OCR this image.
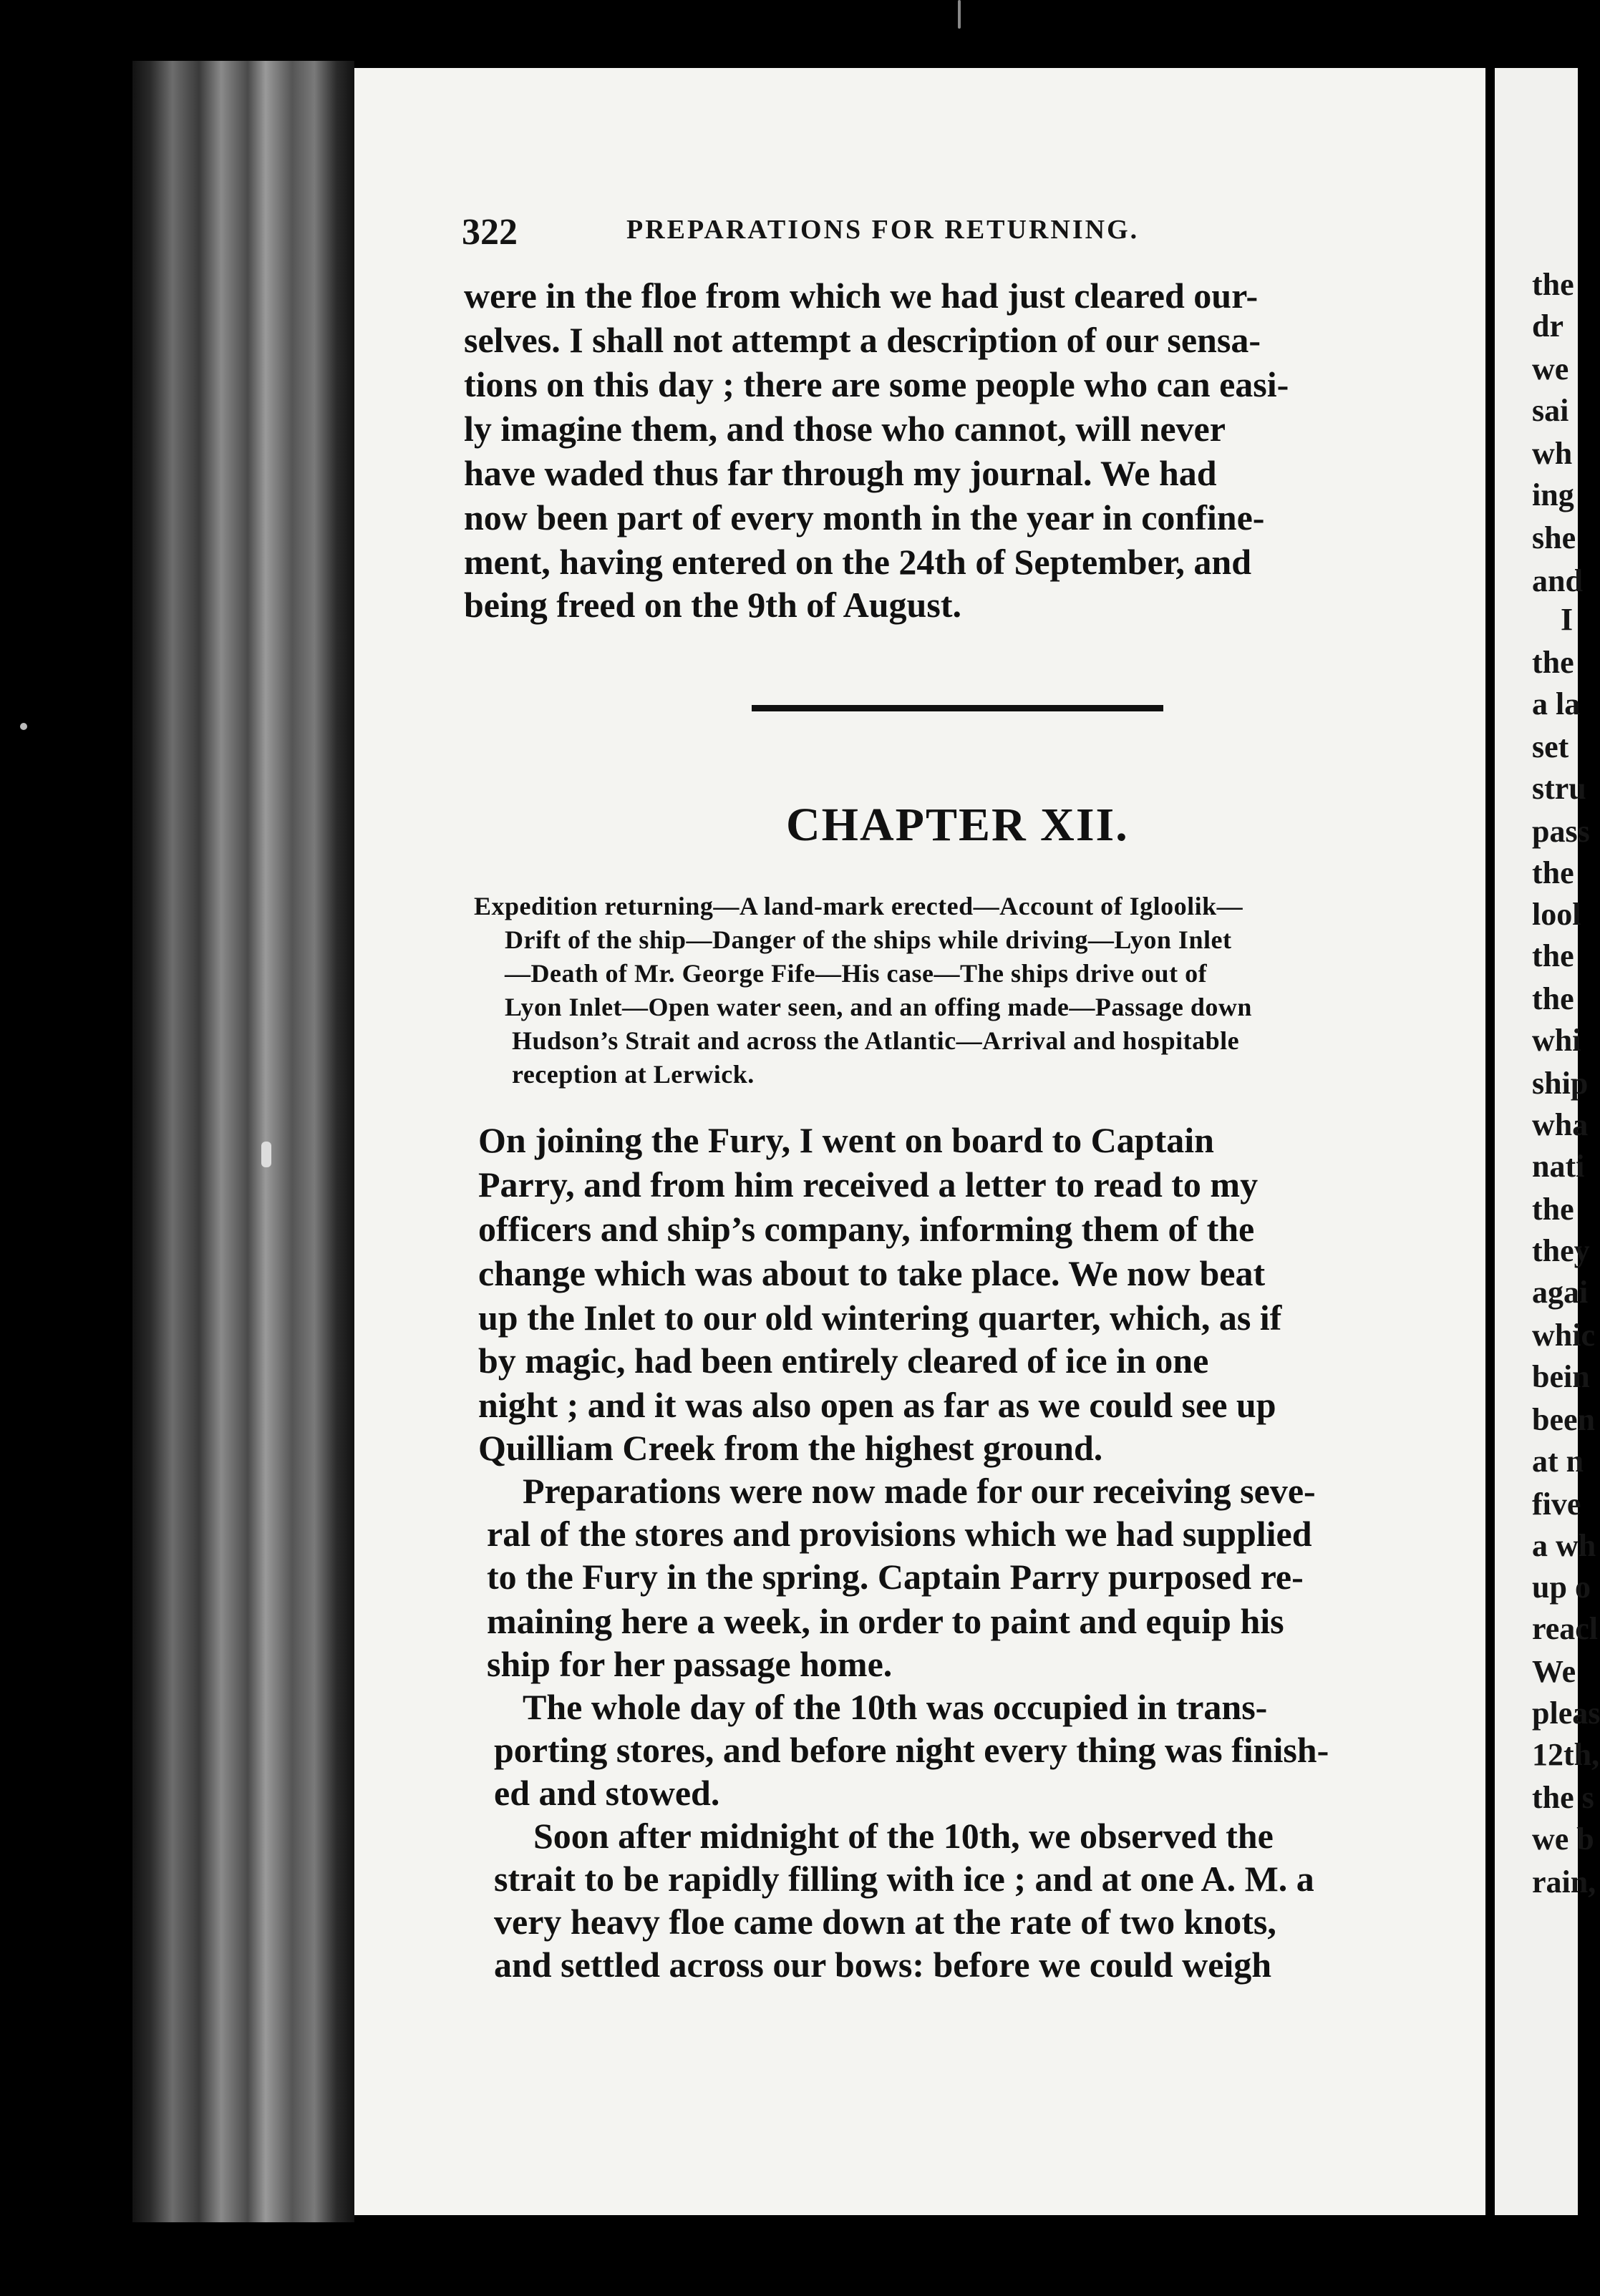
322	PREPARATIONS FOR RETURNING.

were in the floe from which we had just cleared our-

selves. I shall not attempt a description of our sensa-

tions on this day ; there are some people who can easi-

ly imagine them, and those who cannot, will never

have waded thus far through my journal. We had

now been part of every month in the year in confine-

ment, having entered on the 24th of September, and

being freed on the 9th of August.

CHAPTER XII.

Expedition returning—A land-mark erected—Account of Igloolik—

Drift of the ship—Danger of the ships while driving—Lyon Inlet

—Death of Mr. George Fife—His case—The ships drive out of

Lyon Inlet—Open water seen, and an offing made—Passage down

Hudson’s Strait and across the Atlantic—Arrival and hospitable

reception at Lerwick.

On joining the Fury, I went on board to Captain

Parry, and from him received a letter to read to my

officers and ship’s company, informing them of the

change which was about to take place. We now beat

up the Inlet to our old wintering quarter, which, as if

by magic, had been entirely cleared of ice in one

night ; and it was also open as far as we could see up

Quilliam Creek from the highest ground.

Preparations were now made for our receiving seve-

ral of the stores and provisions which we had supplied

to the Fury in the spring. Captain Parry purposed re-

maining here a week, in order to paint and equip his

ship for her passage home.

The whole day of the 10th was occupied in trans-

porting stores, and before night every thing was finish-

ed and stowed.

Soon after midnight of the 10th, we observed the

strait to be rapidly filling with ice ; and at one A. M. a

very heavy floe came down at the rate of two knots,

and settled across our bows: before we could weigh

the
dr
we
sai
wh
ing
she
and
I
the
a la
set
stru
pass
the
lool
the
the
whi
ship
wha
nati
the
they
agai
whic
bein
been
at n
five
a wh
up o
reacl
We
pleas
12th,
the s
we b
rain,
